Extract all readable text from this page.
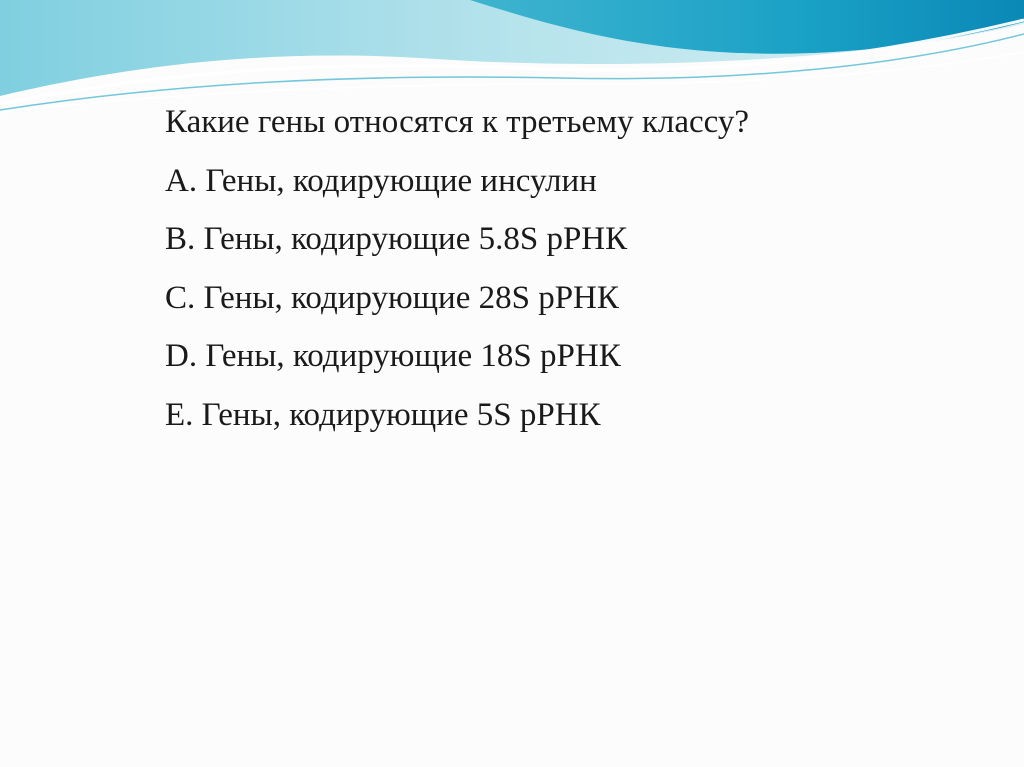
Какие гены относятся к третьему классу?

А. Гены, кодирующие инсулин

B. Гены, кодирующие 5.8S рРНК

C. Гены, кодирующие 28S рРНК

D. Гены, кодирующие 18S рРНК

E. Гены, кодирующие 5S рРНК
